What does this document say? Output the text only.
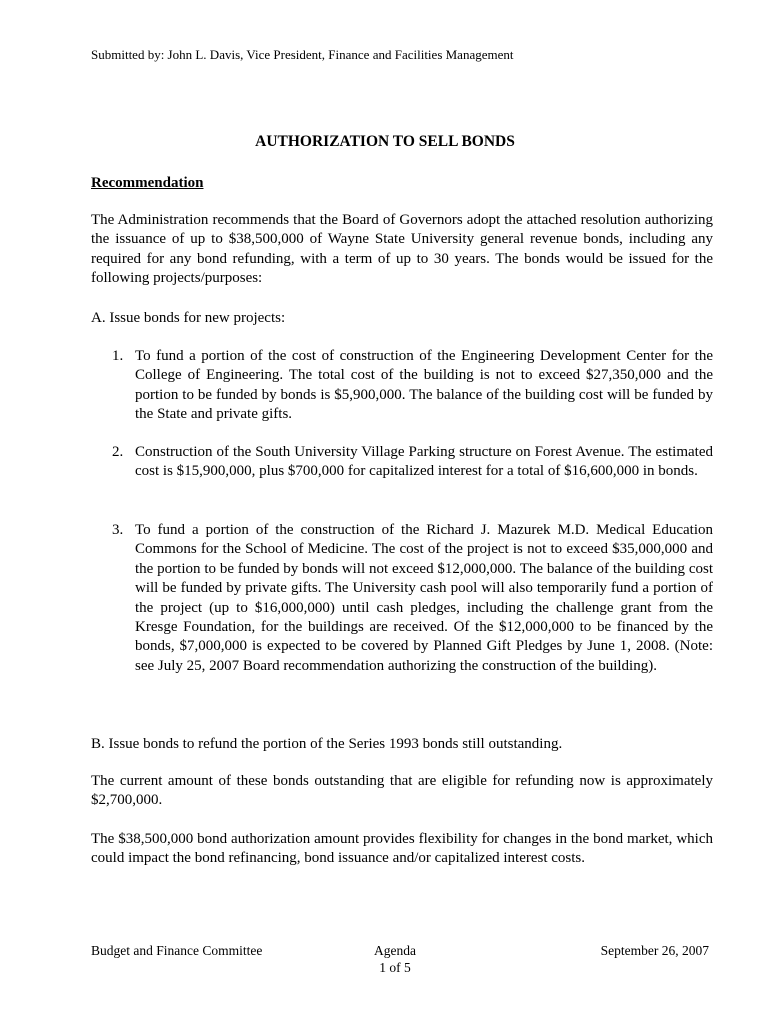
Submitted by: John L. Davis, Vice President, Finance and Facilities Management
AUTHORIZATION TO SELL BONDS
Recommendation

The Administration recommends that the Board of Governors adopt the attached resolution authorizing the issuance of up to $38,500,000 of Wayne State University general revenue bonds, including any required for any bond refunding, with a term of up to 30 years. The bonds would be issued for the following projects/purposes:

A. Issue bonds for new projects:

1. To fund a portion of the cost of construction of the Engineering Development Center for the College of Engineering. The total cost of the building is not to exceed $27,350,000 and the portion to be funded by bonds is $5,900,000. The balance of the building cost will be funded by the State and private gifts.
2. Construction of the South University Village Parking structure on Forest Avenue. The estimated cost is $15,900,000, plus $700,000 for capitalized interest for a total of $16,600,000 in bonds.
3. To fund a portion of the construction of the Richard J. Mazurek M.D. Medical Education Commons for the School of Medicine. The cost of the project is not to exceed $35,000,000 and the portion to be funded by bonds will not exceed $12,000,000. The balance of the building cost will be funded by private gifts. The University cash pool will also temporarily fund a portion of the project (up to $16,000,000) until cash pledges, including the challenge grant from the Kresge Foundation, for the buildings are received. Of the $12,000,000 to be financed by the bonds, $7,000,000 is expected to be covered by Planned Gift Pledges by June 1, 2008. (Note: see July 25, 2007 Board recommendation authorizing the construction of the building).

B. Issue bonds to refund the portion of the Series 1993 bonds still outstanding.

The current amount of these bonds outstanding that are eligible for refunding now is approximately $2,700,000.

The $38,500,000 bond authorization amount provides flexibility for changes in the bond market, which could impact the bond refinancing, bond issuance and/or capitalized interest costs.

Budget and Finance Committee	Agenda
1 of 5
September 26, 2007
